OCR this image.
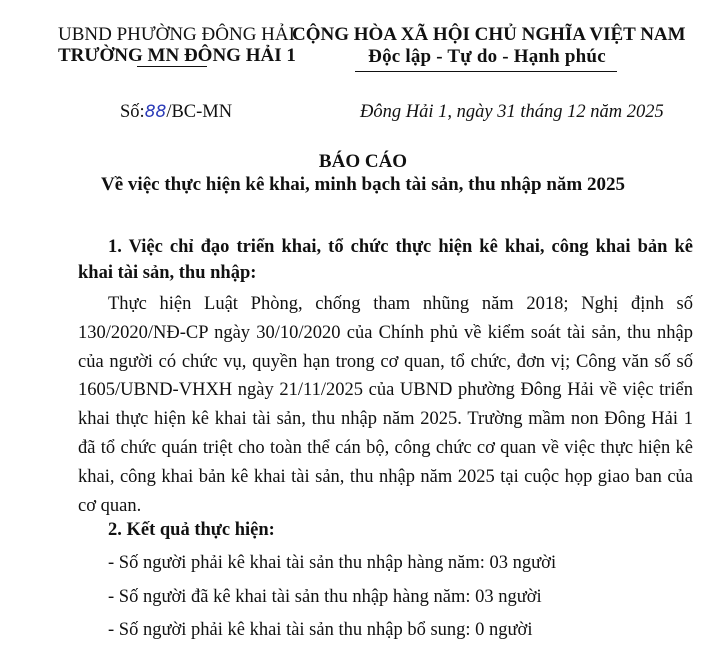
UBND PHƯỜNG ĐÔNG HẢI
TRƯỜNG MN ĐÔNG HẢI 1
CỘNG HÒA XÃ HỘI CHỦ NGHĨA VIỆT NAM
Độc lập - Tự do - Hạnh phúc
Số:88/BC-MN	Đông Hải 1, ngày 31 tháng 12 năm 2025
BÁO CÁO
Về việc thực hiện kê khai, minh bạch tài sản, thu nhập năm 2025
1. Việc chỉ đạo triển khai, tổ chức thực hiện kê khai, công khai bản kê khai tài sản, thu nhập:
Thực hiện Luật Phòng, chống tham nhũng năm 2018; Nghị định số 130/2020/NĐ-CP ngày 30/10/2020 của Chính phủ về kiểm soát tài sản, thu nhập của người có chức vụ, quyền hạn trong cơ quan, tổ chức, đơn vị; Công văn số số 1605/UBND-VHXH ngày 21/11/2025 của UBND phường Đông Hải về việc triển khai thực hiện kê khai tài sản, thu nhập năm 2025. Trường mầm non Đông Hải 1 đã tổ chức quán triệt cho toàn thể cán bộ, công chức cơ quan về việc thực hiện kê khai, công khai bản kê khai tài sản, thu nhập năm 2025 tại cuộc họp giao ban của cơ quan.
2. Kết quả thực hiện:
- Số người phải kê khai tài sản thu nhập hàng năm: 03 người
- Số người đã kê khai tài sản thu nhập hàng năm: 03 người
- Số người phải kê khai tài sản thu nhập bổ sung: 0 người
